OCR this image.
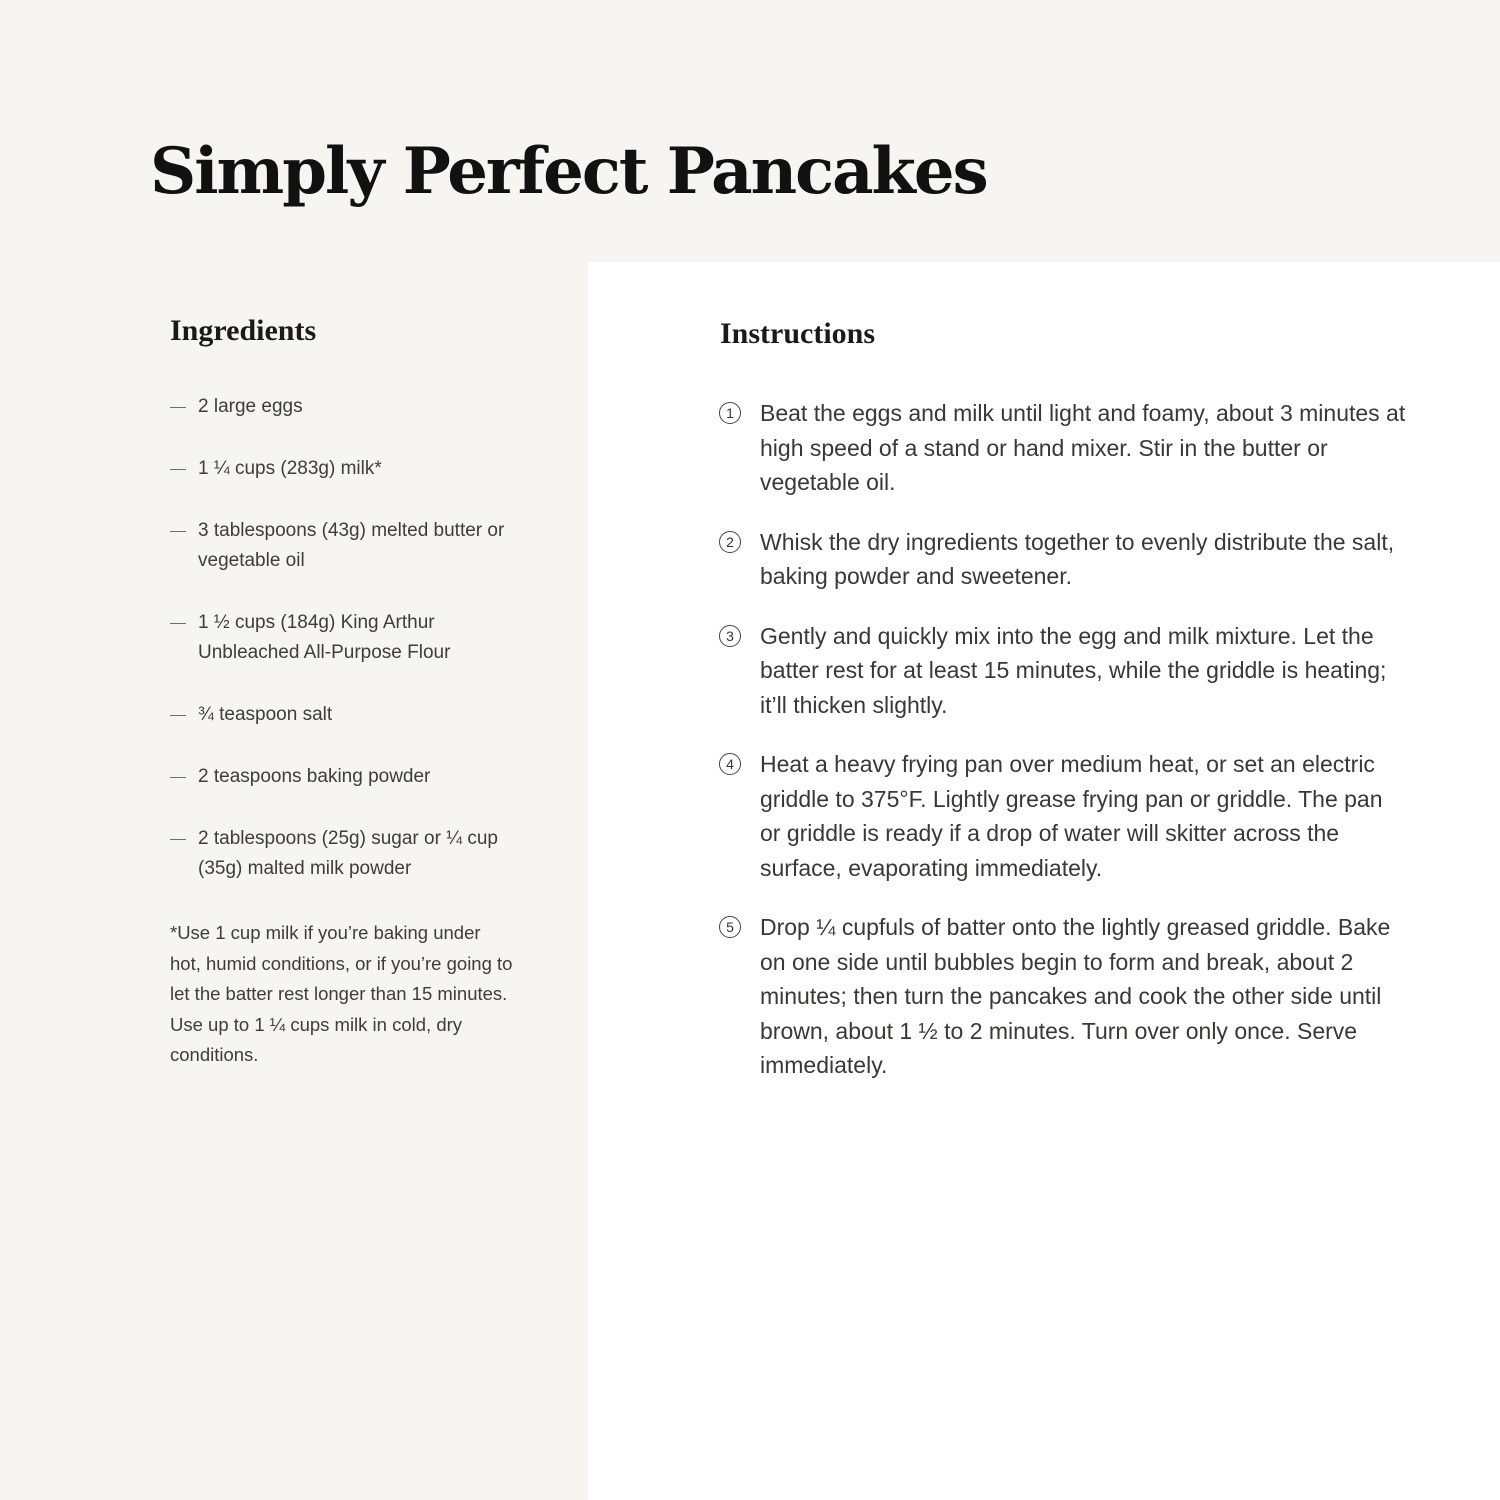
Simply Perfect Pancakes
Ingredients
2 large eggs
1 ¼ cups (283g) milk*
3 tablespoons (43g) melted butter or vegetable oil
1 ½ cups (184g) King Arthur Unbleached All-Purpose Flour
¾ teaspoon salt
2 teaspoons baking powder
2 tablespoons (25g) sugar or ¼ cup (35g) malted milk powder

*Use 1 cup milk if you’re baking under hot, humid conditions, or if you’re going to let the batter rest longer than 15 minutes. Use up to 1 ¼ cups milk in cold, dry conditions.

Instructions
1	Beat the eggs and milk until light and foamy, about 3 minutes at high speed of a stand or hand mixer. Stir in the butter or vegetable oil.
2	Whisk the dry ingredients together to evenly distribute the salt, baking powder and sweetener.
3	Gently and quickly mix into the egg and milk mixture. Let the batter rest for at least 15 minutes, while the griddle is heating; it’ll thicken slightly.
4	Heat a heavy frying pan over medium heat, or set an electric griddle to 375°F. Lightly grease frying pan or griddle. The pan or griddle is ready if a drop of water will skitter across the surface, evaporating immediately.
5	Drop ¼ cupfuls of batter onto the lightly greased griddle. Bake on one side until bubbles begin to form and break, about 2 minutes; then turn the pancakes and cook the other side until brown, about 1 ½ to 2 minutes. Turn over only once. Serve immediately.
